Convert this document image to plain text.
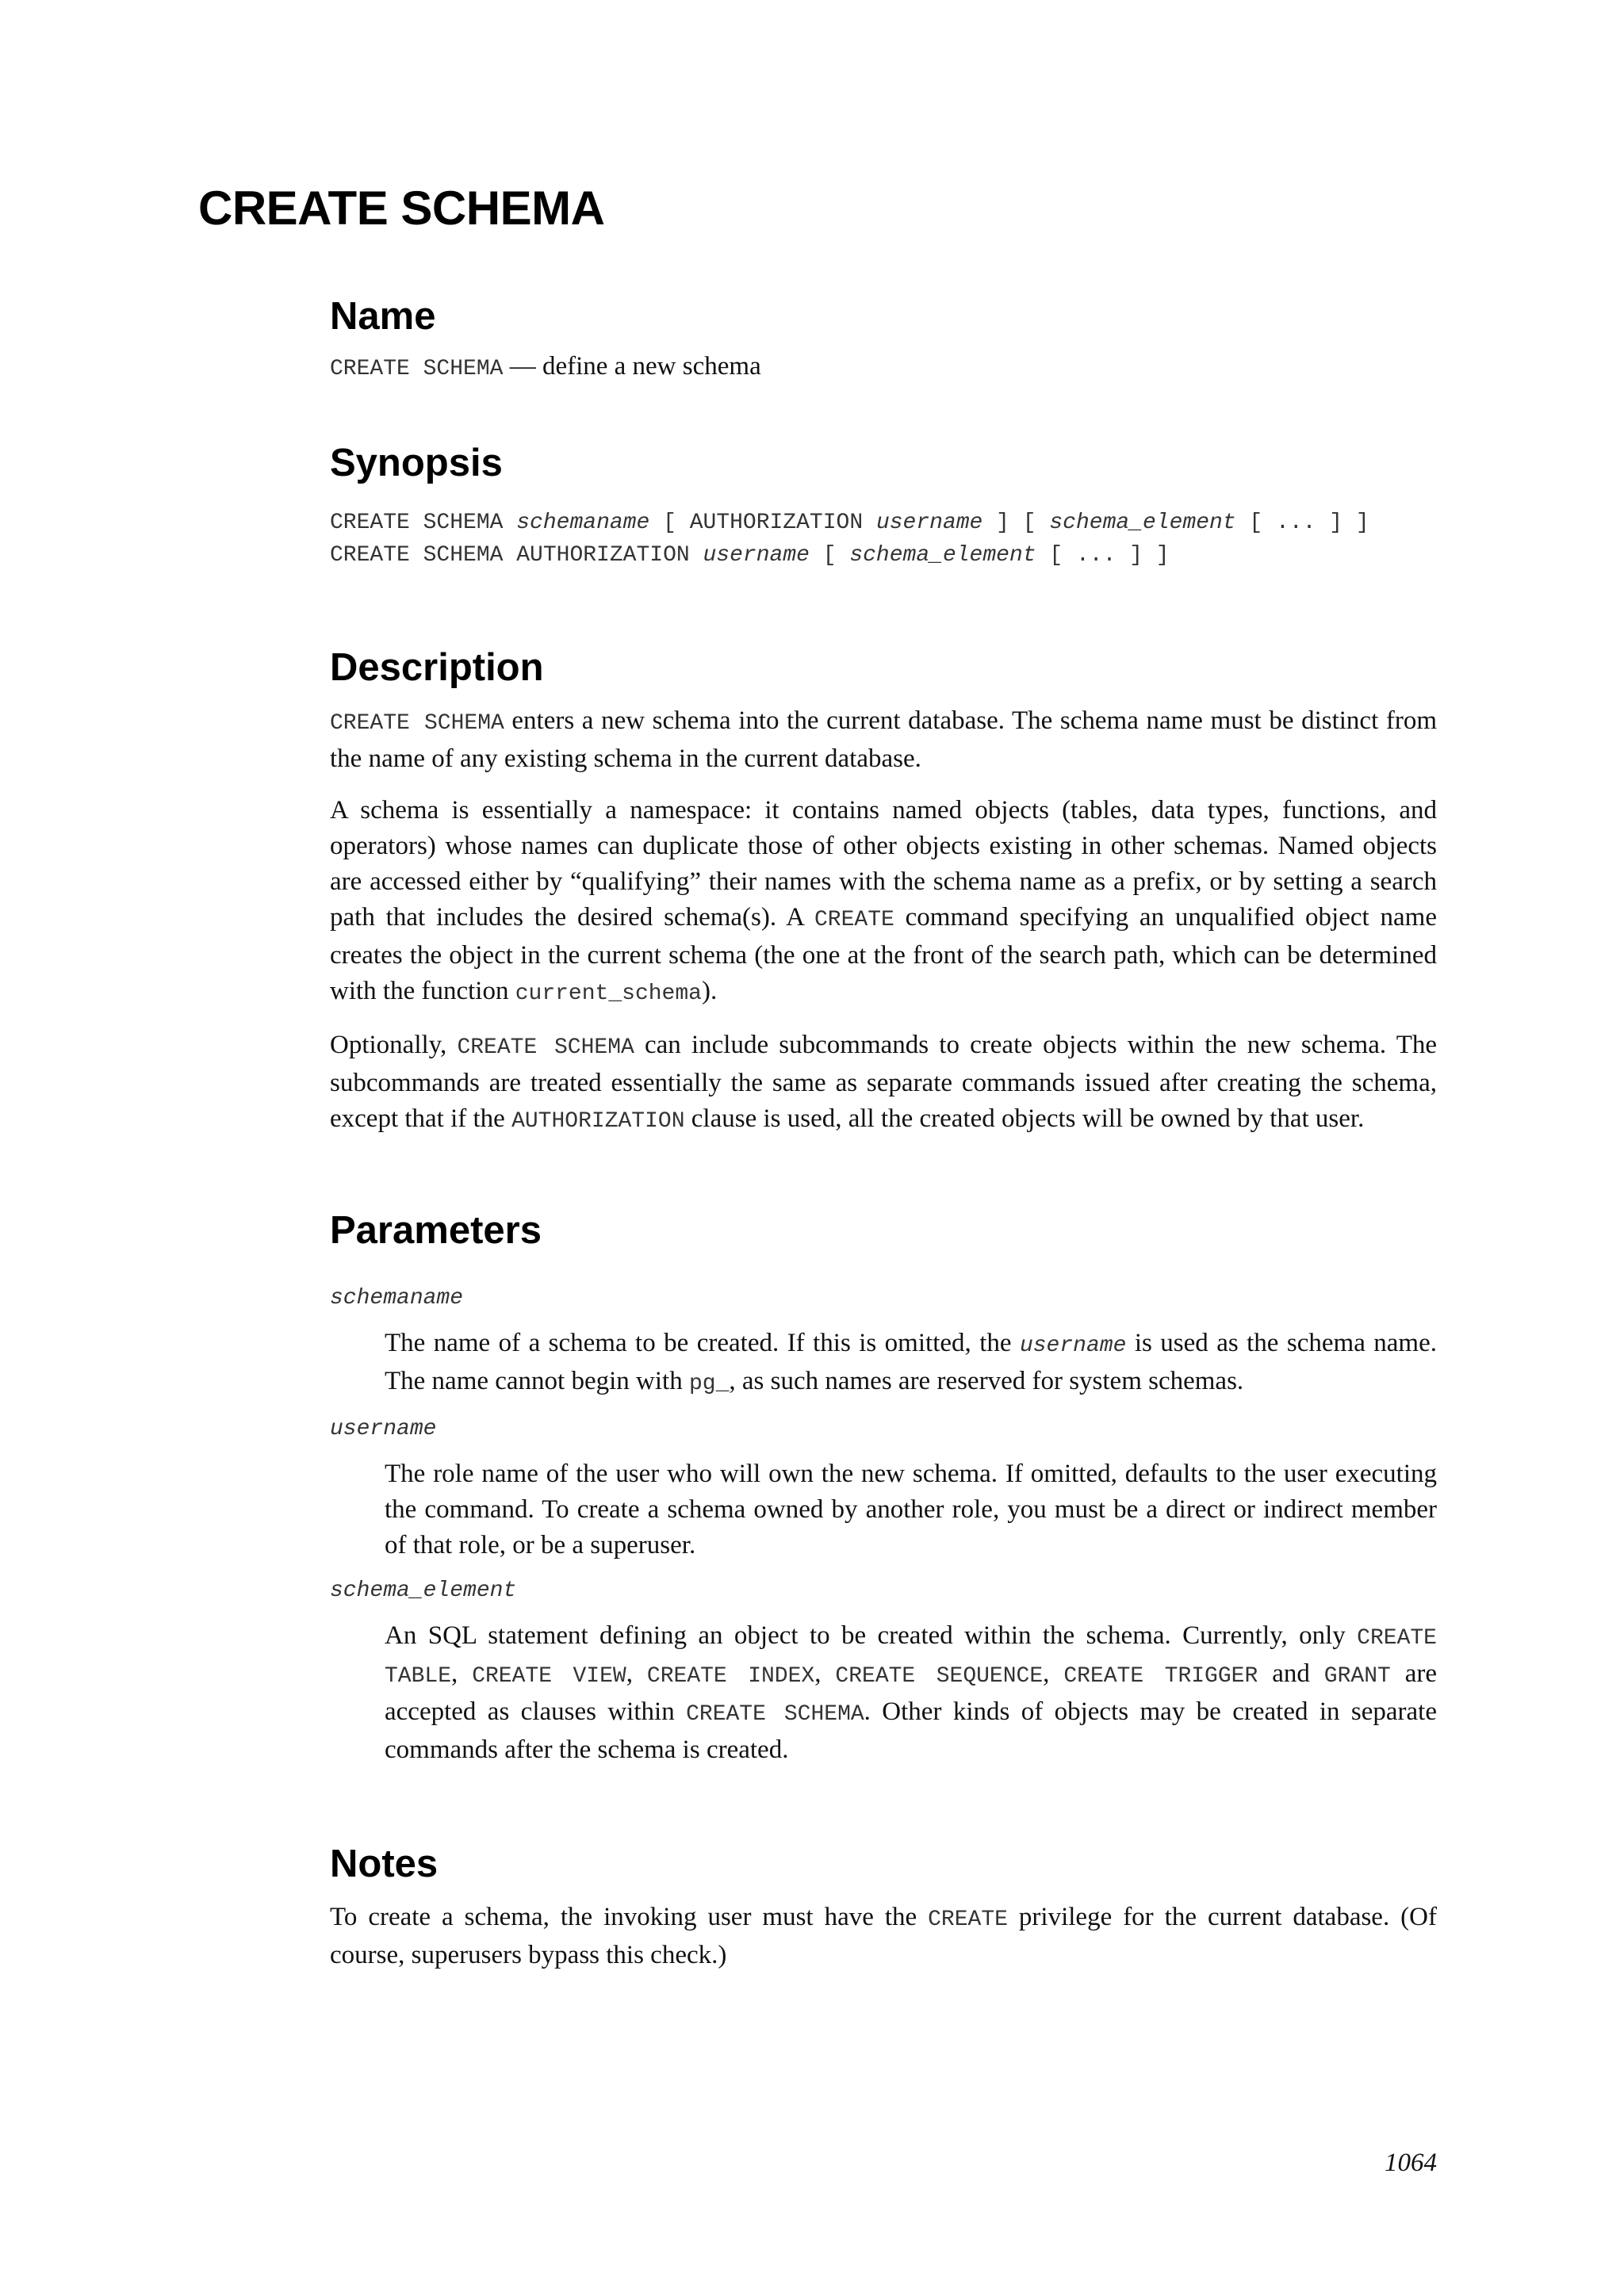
CREATE SCHEMA
Name

CREATE SCHEMA — define a new schema

Synopsis
CREATE SCHEMA schemaname [ AUTHORIZATION username ] [ schema_element [ ... ] ]
CREATE SCHEMA AUTHORIZATION username [ schema_element [ ... ] ]
Description

CREATE SCHEMA enters a new schema into the current database. The schema name must be distinct from the name of any existing schema in the current database.

A schema is essentially a namespace: it contains named objects (tables, data types, functions, and operators) whose names can duplicate those of other objects existing in other schemas. Named objects are accessed either by “qualifying” their names with the schema name as a prefix, or by setting a search path that includes the desired schema(s). A CREATE command specifying an unqualified object name creates the object in the current schema (the one at the front of the search path, which can be determined with the function current_schema).

Optionally, CREATE SCHEMA can include subcommands to create objects within the new schema. The subcommands are treated essentially the same as separate commands issued after creating the schema, except that if the AUTHORIZATION clause is used, all the created objects will be owned by that user.

Parameters
schemaname

The name of a schema to be created. If this is omitted, the username is used as the schema name. The name cannot begin with pg_, as such names are reserved for system schemas.

username

The role name of the user who will own the new schema. If omitted, defaults to the user executing the command. To create a schema owned by another role, you must be a direct or indirect member of that role, or be a superuser.

schema_element

An SQL statement defining an object to be created within the schema. Currently, only CREATE TABLE, CREATE VIEW, CREATE INDEX, CREATE SEQUENCE, CREATE TRIGGER and GRANT are accepted as clauses within CREATE SCHEMA. Other kinds of objects may be created in separate commands after the schema is created.

Notes

To create a schema, the invoking user must have the CREATE privilege for the current database. (Of course, superusers bypass this check.)

1064
